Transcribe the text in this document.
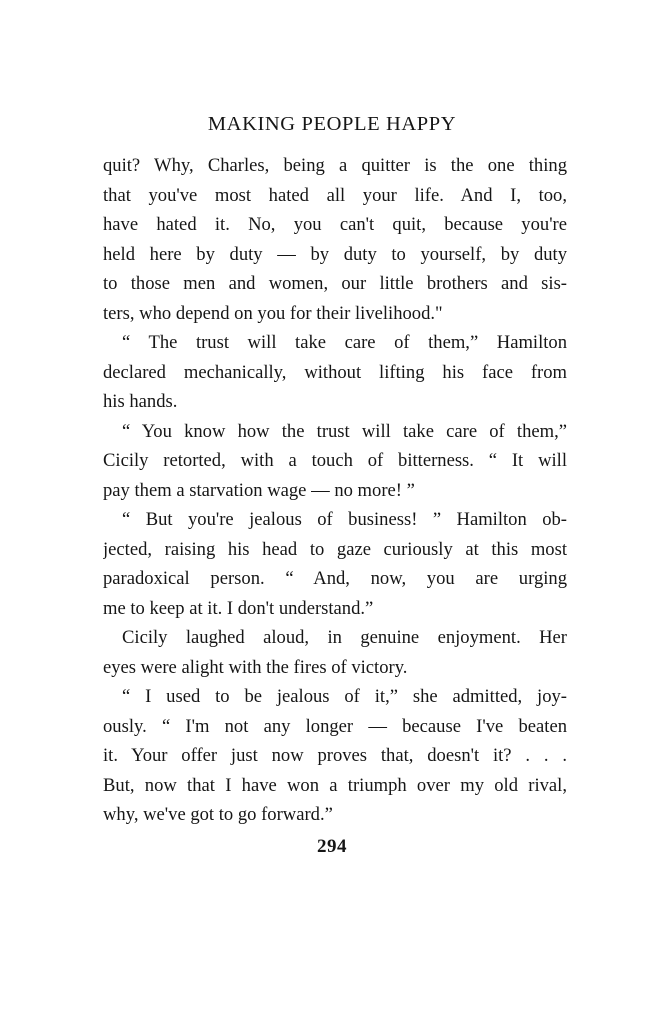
MAKING PEOPLE HAPPY
quit? Why, Charles, being a quitter is the one thing
that you've most hated all your life. And I, too,
have hated it. No, you can't quit, because you're
held here by duty — by duty to yourself, by duty
to those men and women, our little brothers and sis-
ters, who depend on you for their livelihood."
“ The trust will take care of them,” Hamilton
declared mechanically, without lifting his face from
his hands.
“ You know how the trust will take care of them,”
Cicily retorted, with a touch of bitterness. “ It will
pay them a starvation wage — no more! ”
“ But you're jealous of business! ” Hamilton ob-
jected, raising his head to gaze curiously at this most
paradoxical person. “ And, now, you are urging
me to keep at it. I don't understand.”
Cicily laughed aloud, in genuine enjoyment. Her
eyes were alight with the fires of victory.
“ I used to be jealous of it,” she admitted, joy-
ously. “ I'm not any longer — because I've beaten
it. Your offer just now proves that, doesn't it? . . .
But, now that I have won a triumph over my old rival,
why, we've got to go forward.”
294
